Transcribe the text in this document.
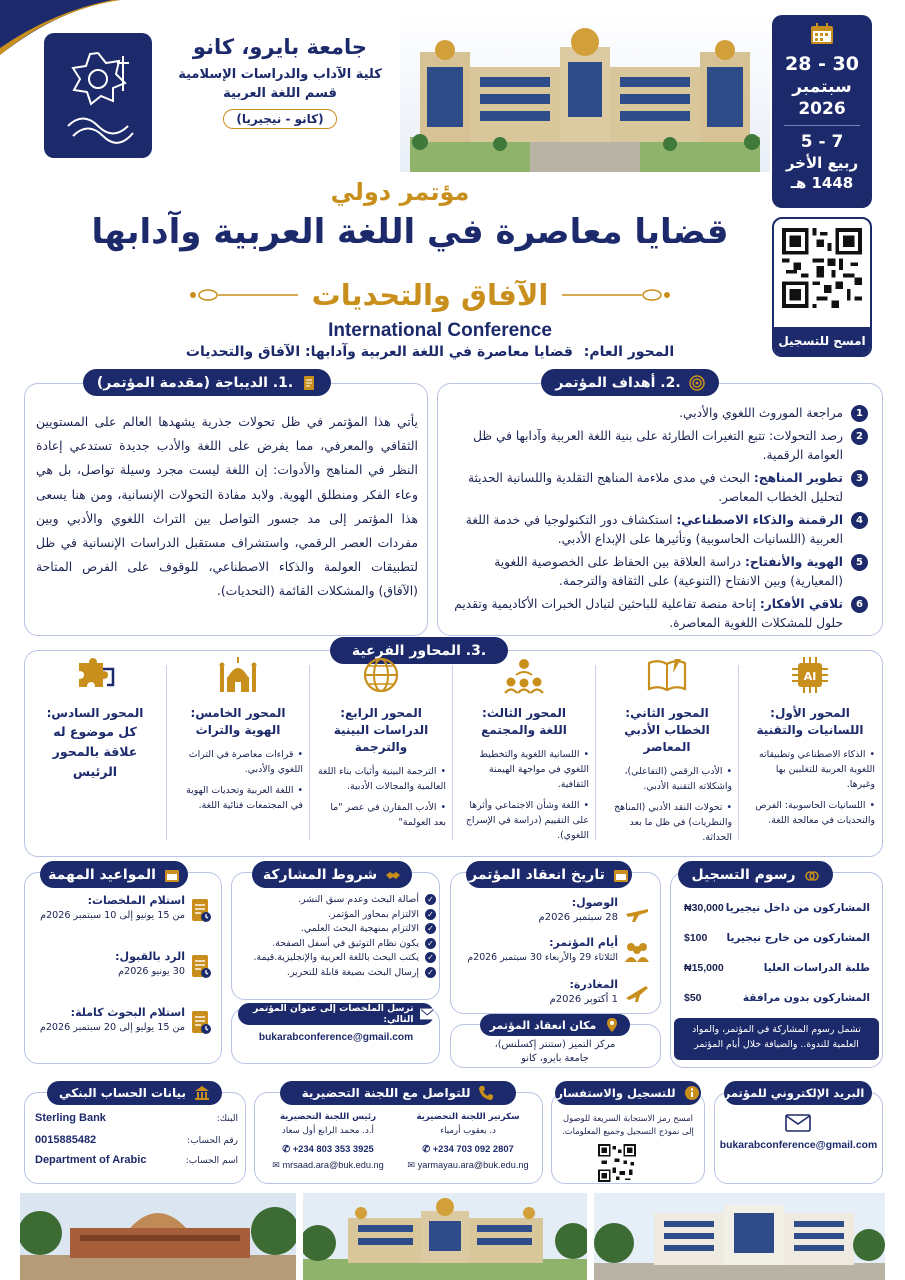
جامعة بايرو، كانو
كلية الآداب والدراسات الإسلامية
قسم اللغة العربية
(كانو - نيجيريا)
28 - 30
سبتمبر
2026
5 - 7
ربيع الأخر
1448 هـ
امسح للتسجيل
مؤتمر دولي
قضايا معاصرة في اللغة العربية وآدابها
الآفاق والتحديات
International Conference
المحور العام: قضايا معاصرة في اللغة العربية وآدابها: الآفاق والتحديات
.1. الديباجة (مقدمة المؤتمر)
يأتي هذا المؤتمر في ظل تحولات جذرية يشهدها العالم على المستويين الثقافي والمعرفي، مما يفرض على اللغة والأدب جديدة تستدعي إعادة النظر في المناهج والأدوات: إن اللغة ليست مجرد وسيلة تواصل، بل هي وعاء الفكر ومنطلق الهوية. ولابد مفادة التحولات الإنسانية، ومن هنا يسعى هذا المؤتمر إلى مد جسور التواصل بين التراث اللغوي والأدبي وبين مفردات العصر الرقمي، واستشراف مستقبل الدراسات الإنسانية في ظل لتطبيقات العولمة والذكاء الاصطناعي، للوقوف على الفرص المتاحة (الآفاق) والمشكلات القائمة (التحديات).
.2. أهداف المؤتمر
1
مراجعة الموروث اللغوي والأدبي.
2
رصد التحولات: تتبع التغيرات الطارئة على بنية اللغة العربية وآدابها في ظل العوامة الرقمية.
3
تطوير المناهج: البحث في مدى ملاءمة المناهج التقلدية واللسانية الحديثة لتحليل الخطاب المعاصر.
4
الرقمنة والذكاء الاصطناعي: استكشاف دور التكنولوجيا في خدمة اللغة العربية (اللسانيات الحاسوبية) وتأثيرها على الإبداع الأدبي.
5
الهوية والأنفتاح: دراسة العلاقة بين الحفاظ على الخصوصية اللغوية (المعيارية) وبين الانفتاح (التنوعية) على الثقافة والترجمة.
6
تلاقي الأفكار: إتاحة منصة تفاعلية للباحثين لتبادل الخبرات الأكاديمية وتقديم حلول للمشكلات اللغوية المعاصرة.
.3. المحاور الفرعية
AI
المحور الأول:
اللسانيات والتقنية
• الذكاء الاصطناعي وتطبيقاته اللغوية العربية للتغلبين بها وغيرها.
• اللسانيات الحاسوبية: الفرص والتحديات في معالجة اللغة.
المحور الثاني:
الخطاب الأدبي المعاصر
• الأدب الرقمي (التفاعلي)، واشكلاته التقنية الأدبي.
• تحولات النقد الأدبي (المناهج والنظريات) في ظل ما بعد الحداثة.
المحور الثالث:
اللغة والمجتمع
• اللسانية اللغوية والتخطيط اللغوي في مواجهة الهيمنة الثقافية.
• اللغة وشأن الاجتماعي وأثرها على التقييم (دراسة في الإسراج اللغوي).
المحور الرابع:
الدراسات البينية والترجمة
• الترجمة البينية وأثيات بناء اللغة العالمية والمجالات الأدبية.
• الأدب المقارن في عصر "ما بعد العولمة"
المحور الخامس:
الهوية والتراث
• قراءات معاصرة في التراث اللغوي والأدبي.
• اللغة العربية وتحديات الهوية في المجتمعات فنائية اللغة.
المحور السادس:
كل موضوع له علاقة بالمحور الرئيس
رسوم التسجيل
المشاركون من داخل نيجيريا
₦30,000
المشاركون من خارج نيجيريا
$100
طلبة الدراسات العليا
₦15,000
المشاركون بدون مرافقة
$50
تشمل رسوم المشاركة في المؤتمر، والمواد العلمية للندوة.. والضيافة خلال أيام المؤتمر
تاريخ انعقاد المؤتمر
الوصول:
28 سبتمبر 2026م
أيام المؤتمر:
الثلاثاء 29 والأربعاء 30 سبتمبر 2026م
المغادرة:
1 أكتوبر 2026م
مكان انعقاد المؤتمر
مركز التميز (ستنتر إكسلنس)،
جامعة بايرو، كانو
شروط المشاركة
✓
أصالة البحث وعدم سبق النشر.
✓
الالتزام بمحاور المؤتمر.
✓
الالتزام بمنهجية البحث العلمي.
✓
يكون نظام التوثيق في أسفل الصفحة.
✓
يكتب البحث باللغة العربية والإنجليزية.قيمة.
✓
إرسال البحث بصيغة قابلة للتحرير.
ترسل الملخصات إلى عنوان المؤتمر التالي:
bukarabconference@gmail.com
المواعيد المهمة
استلام الملخصات:
من 15 يونيو إلى 10 سبتمبر 2026م
الرد بالقبول:
30 يونيو 2026م
استلام البحوث كاملة:
من 15 يوليو إلى 20 سبتمبر 2026م
بيانات الحساب البنكي
البنك:
Sterling Bank
رقم الحساب:
0015885482
اسم الحساب:
Department of Arabic
للتواصل مع اللجنة التحضيرية
سكرتير اللجنة التحضيرية
د. يعقوب أرمياء
✆ +234 703 092 2807
✉ yarmayau.ara@buk.edu.ng
رئيس اللجنة التحضيرية
أ.د. محمد الرابع أول سعاد
✆ +234 803 353 3925
✉ mrsaad.ara@buk.edu.ng
للتسجيل والاستفسار
امسح رمز الاستجابة السريعة للوصول إلى نموذج التسجيل وجميع المعلومات.
البريد الإلكتروني للمؤتمر
bukarabconference@gmail.com
